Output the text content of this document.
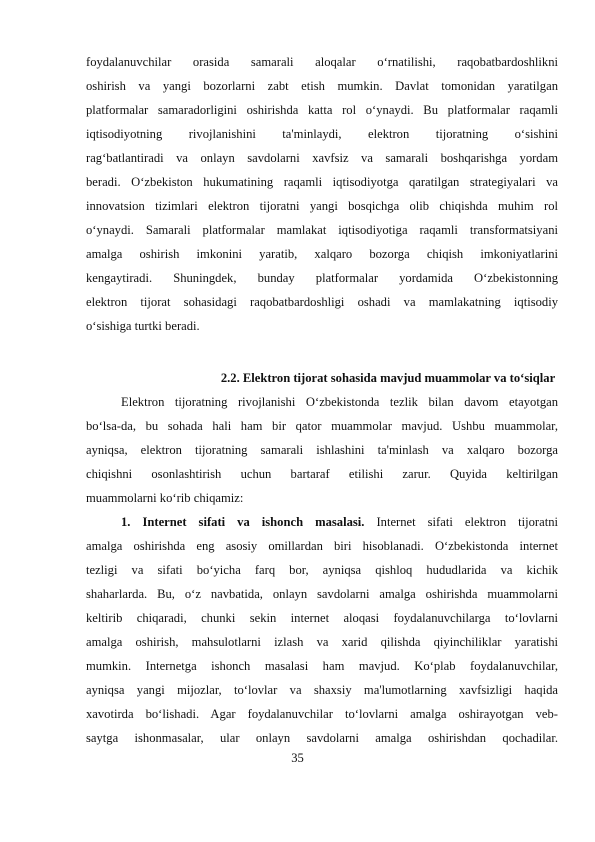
foydalanuvchilar orasida samarali aloqalar o‘rnatilishi, raqobatbardoshlikni
oshirish va yangi bozorlarni zabt etish mumkin. Davlat tomonidan yaratilgan
platformalar samaradorligini oshirishda katta rol o‘ynaydi. Bu platformalar raqamli
iqtisodiyotning rivojlanishini ta'minlaydi, elektron tijoratning o‘sishini
rag‘batlantiradi va onlayn savdolarni xavfsiz va samarali boshqarishga yordam
beradi. O‘zbekiston hukumatining raqamli iqtisodiyotga qaratilgan strategiyalari va
innovatsion tizimlari elektron tijoratni yangi bosqichga olib chiqishda muhim rol
o‘ynaydi. Samarali platformalar mamlakat iqtisodiyotiga raqamli transformatsiyani
amalga oshirish imkonini yaratib, xalqaro bozorga chiqish imkoniyatlarini
kengaytiradi. Shuningdek, bunday platformalar yordamida O‘zbekistonning
elektron tijorat sohasidagi raqobatbardoshligi oshadi va mamlakatning iqtisodiy
o‘sishiga turtki beradi.
2.2. Elektron tijorat sohasida mavjud muammolar va to‘siqlar
Elektron tijoratning rivojlanishi O‘zbekistonda tezlik bilan davom etayotgan
bo‘lsa-da, bu sohada hali ham bir qator muammolar mavjud. Ushbu muammolar,
ayniqsa, elektron tijoratning samarali ishlashini ta'minlash va xalqaro bozorga
chiqishni osonlashtirish uchun bartaraf etilishi zarur. Quyida keltirilgan
muammolarni ko‘rib chiqamiz:
1. Internet sifati va ishonch masalasi. Internet sifati elektron tijoratni
amalga oshirishda eng asosiy omillardan biri hisoblanadi. O‘zbekistonda internet
tezligi va sifati bo‘yicha farq bor, ayniqsa qishloq hududlarida va kichik
shaharlarda. Bu, o‘z navbatida, onlayn savdolarni amalga oshirishda muammolarni
keltirib chiqaradi, chunki sekin internet aloqasi foydalanuvchilarga to‘lovlarni
amalga oshirish, mahsulotlarni izlash va xarid qilishda qiyinchiliklar yaratishi
mumkin. Internetga ishonch masalasi ham mavjud. Ko‘plab foydalanuvchilar,
ayniqsa yangi mijozlar, to‘lovlar va shaxsiy ma'lumotlarning xavfsizligi haqida
xavotirda bo‘lishadi. Agar foydalanuvchilar to‘lovlarni amalga oshirayotgan veb-
saytga ishonmasalar, ular onlayn savdolarni amalga oshirishdan qochadilar.
35
